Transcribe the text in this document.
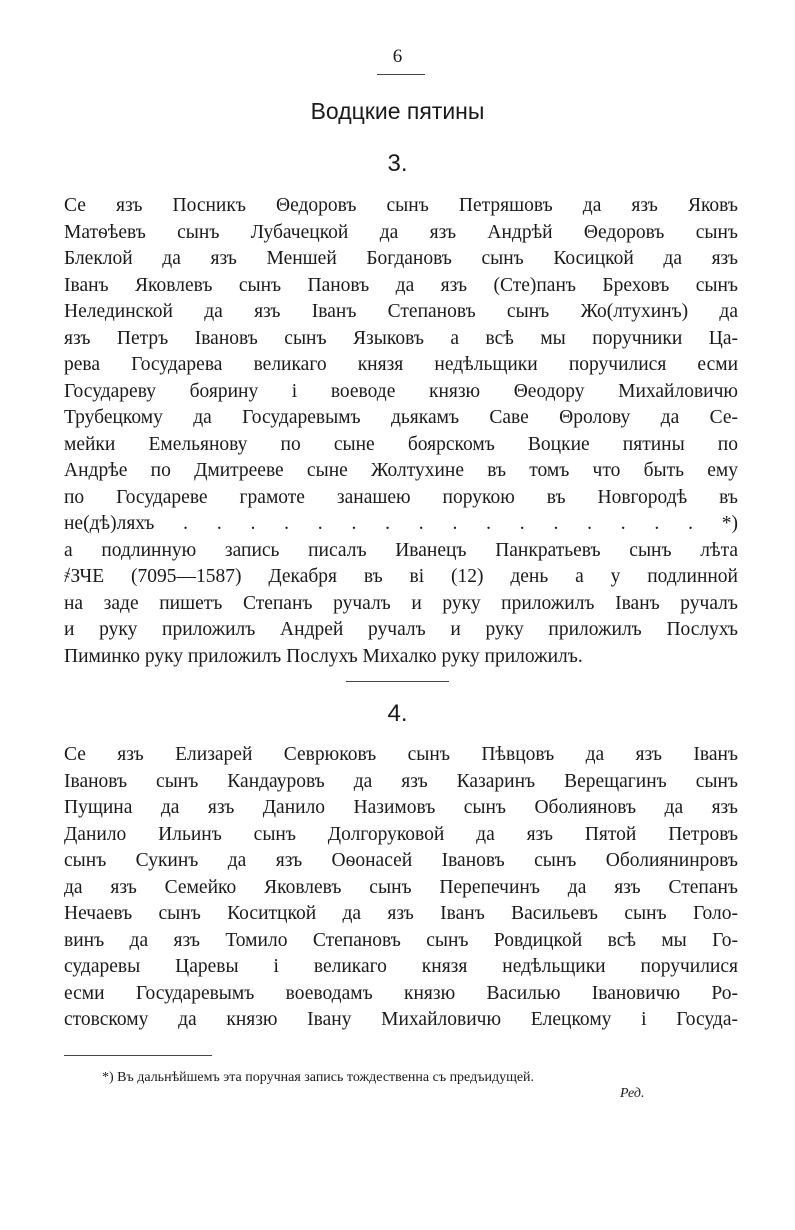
6
Водцкие пятины
3.
Се язъ Посникъ Θедоровъ сынъ Петряшовъ да язъ Яковъ
Матѳѣевъ сынъ Лубачецкой да язъ Андрѣй Θедоровъ сынъ
Блеклой да язъ Меншей Богдановъ сынъ Косицкой да язъ
Іванъ Яковлевъ сынъ Пановъ да язъ (Сте)панъ Бреховъ сынъ
Нелединской да язъ Іванъ Степановъ сынъ Жо(лтухинъ) да
язъ Петръ Івановъ сынъ Языковъ а всѣ мы поручники Ца-
рева Государева великаго князя недѣльщики поручилися есми
Государеву боярину і воеводе князю Θеодору Михайловичю
Трубецкому да Государевымъ дьякамъ Саве Θролову да Се-
мейки Емельянову по сыне боярскомъ Воцкие пятины по
Андрѣе по Дмитрееве сыне Жолтухине въ томъ что быть ему
по Государеве грамоте занашею порукою въ Новгородѣ въ
не(дѣ)ляхъ . . . . . . . . . . . . . . . . *)
а подлинную запись писалъ Иванецъ Панкратьевъ сынъ лѣта
҂ЗЧЕ (7095—1587) Декабря въ ві (12) день а у подлинной
на заде пишетъ Степанъ ручалъ и руку приложилъ Іванъ ручалъ
и руку приложилъ Андрей ручалъ и руку приложилъ Послухъ
Пиминко руку приложилъ Послухъ Михалко руку приложилъ.
4.
Се язъ Елизарей Севрюковъ сынъ Пѣвцовъ да язъ Іванъ
Івановъ сынъ Кандауровъ да язъ Казаринъ Верещагинъ сынъ
Пущина да язъ Данило Назимовъ сынъ Оболияновъ да язъ
Данило Ильинъ сынъ Долгоруковой да язъ Пятой Петровъ
сынъ Сукинъ да язъ Оѳонасей Івановъ сынъ Оболиянинровъ
да язъ Семейко Яковлевъ сынъ Перепечинъ да язъ Степанъ
Нечаевъ сынъ Коситцкой да язъ Іванъ Васильевъ сынъ Голо-
винъ да язъ Томило Степановъ сынъ Ровдицкой всѣ мы Го-
сударевы Царевы і великаго князя недѣльщики поручилися
есми Государевымъ воеводамъ князю Василью Івановичю Ро-
стовскому да князю Івану Михайловичю Елецкому і Госуда-
*) Въ дальнѣйшемъ эта поручная запись тождественна съ предъидущей.
Ред.
